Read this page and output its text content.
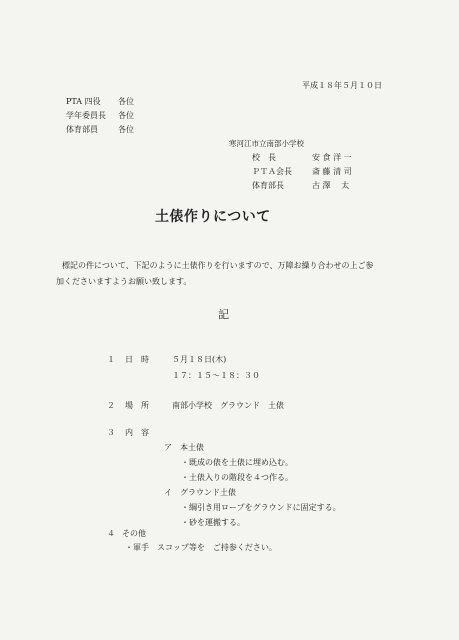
平成１８年５月１０日
PTA 四役 各位
学年委員長 各位
体育部員	各位
寒河江市立南部小学校
校　長	安 食 洋 一
ＰＴＡ会長	斎 藤 清 司
体育部長	古 澤　 太
土俵作りについて
標記の件について、下記のように土俵作りを行いますので、万障お繰り合わせの上ご参
加くださいますようお願い致します。
記
１ 日　時	５月１８日(木)
１７：１５〜１８：３０
２ 場　所	南部小学校　グラウンド　土俵
３ 内　容
ア　本土俵
・既成の俵を土俵に埋め込む。
・土俵入りの階段を４つ作る。
イ　グラウンド土俵
・綱引き用ロープをグラウンドに固定する。
・砂を運搬する。
４ その他
・軍手　スコップ等を　ご持参ください。
